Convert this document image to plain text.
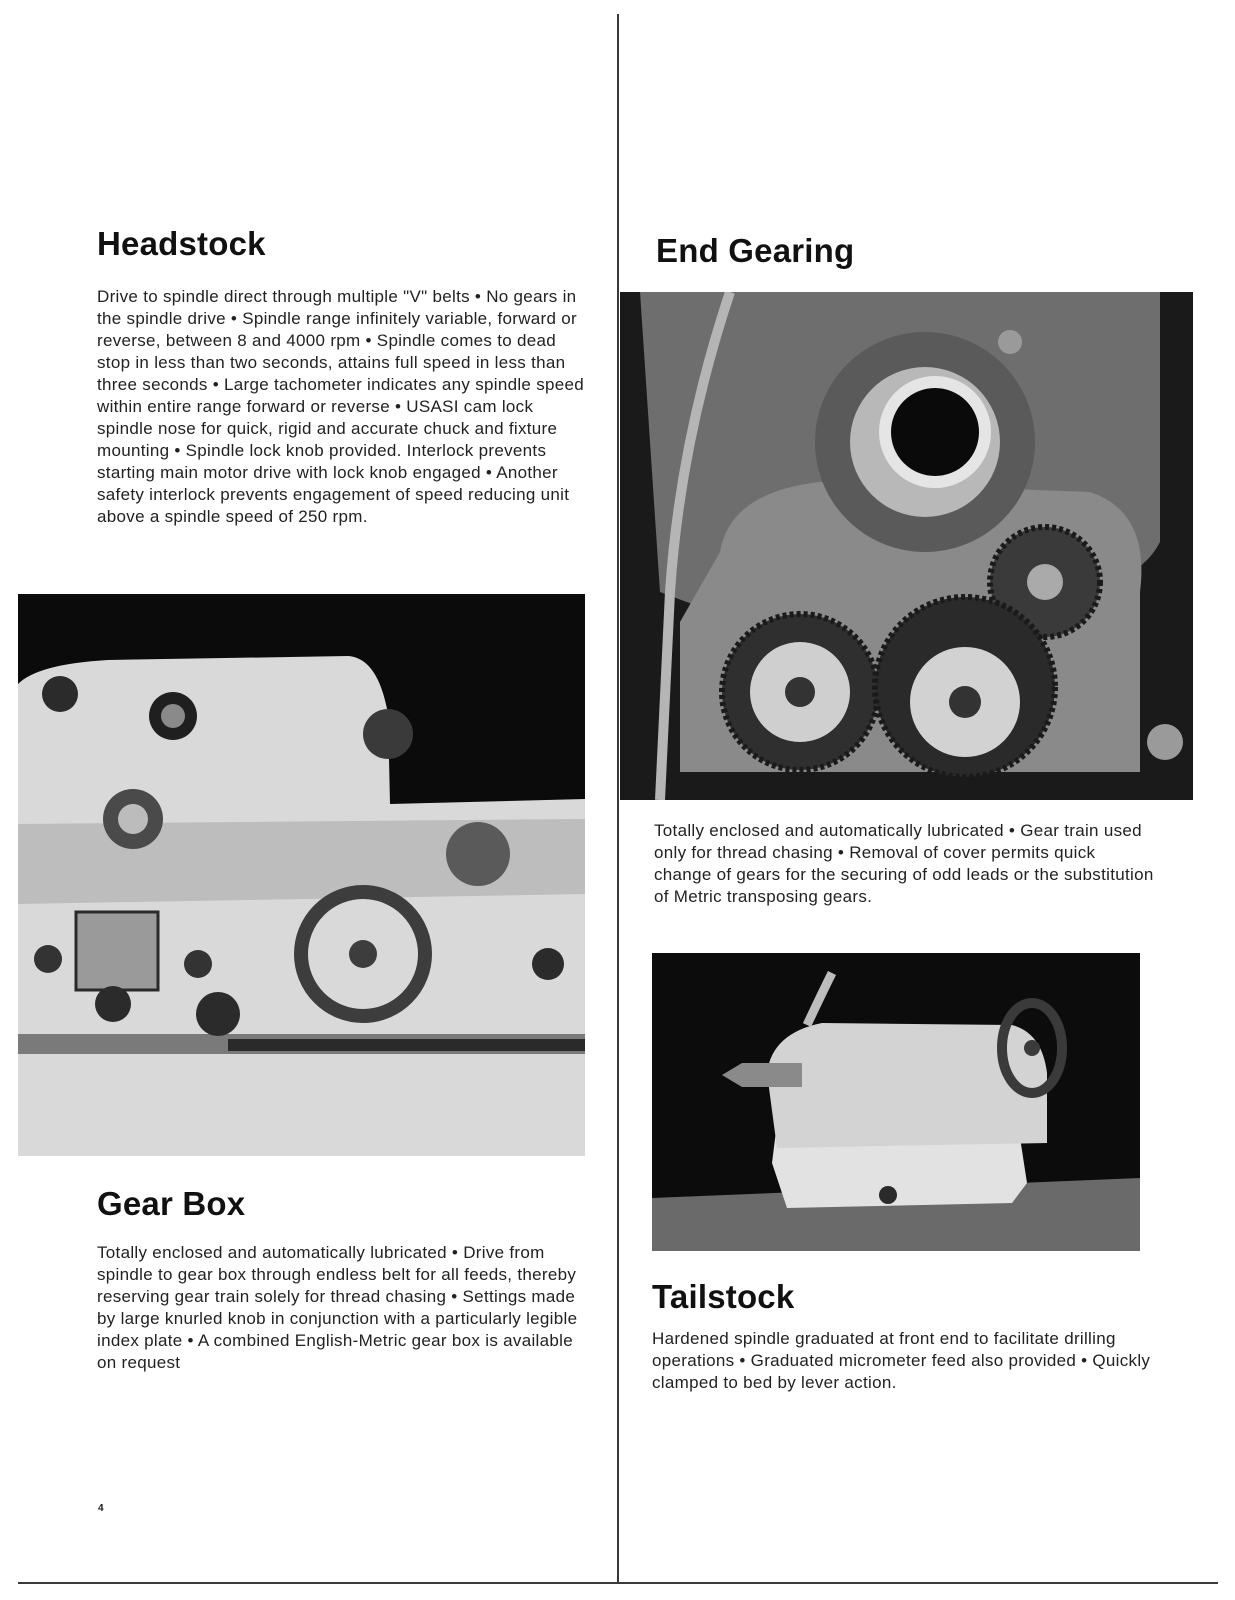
Headstock

Drive to spindle direct through multiple "V" belts • No gears in the spindle drive • Spindle range infinitely variable, forward or reverse, between 8 and 4000 rpm • Spindle comes to dead stop in less than two seconds, attains full speed in less than three seconds • Large tachometer indicates any spindle speed within entire range forward or reverse • USASI cam lock spindle nose for quick, rigid and accurate chuck and fixture mounting • Spindle lock knob provided. Interlock prevents starting main motor drive with lock knob engaged • Another safety interlock prevents engagement of speed reducing unit above a spindle speed of 250 rpm.

Gear Box

Totally enclosed and automatically lubricated • Drive from spindle to gear box through endless belt for all feeds, thereby reserving gear train solely for thread chasing • Settings made by large knurled knob in conjunction with a particularly legible index plate • A combined English-Metric gear box is available on request

4
End Gearing

Totally enclosed and automatically lubricated • Gear train used only for thread chasing • Removal of cover permits quick change of gears for the securing of odd leads or the substitution of Metric transposing gears.

Tailstock

Hardened spindle graduated at front end to facilitate drilling operations • Graduated micrometer feed also provided • Quickly clamped to bed by lever action.
